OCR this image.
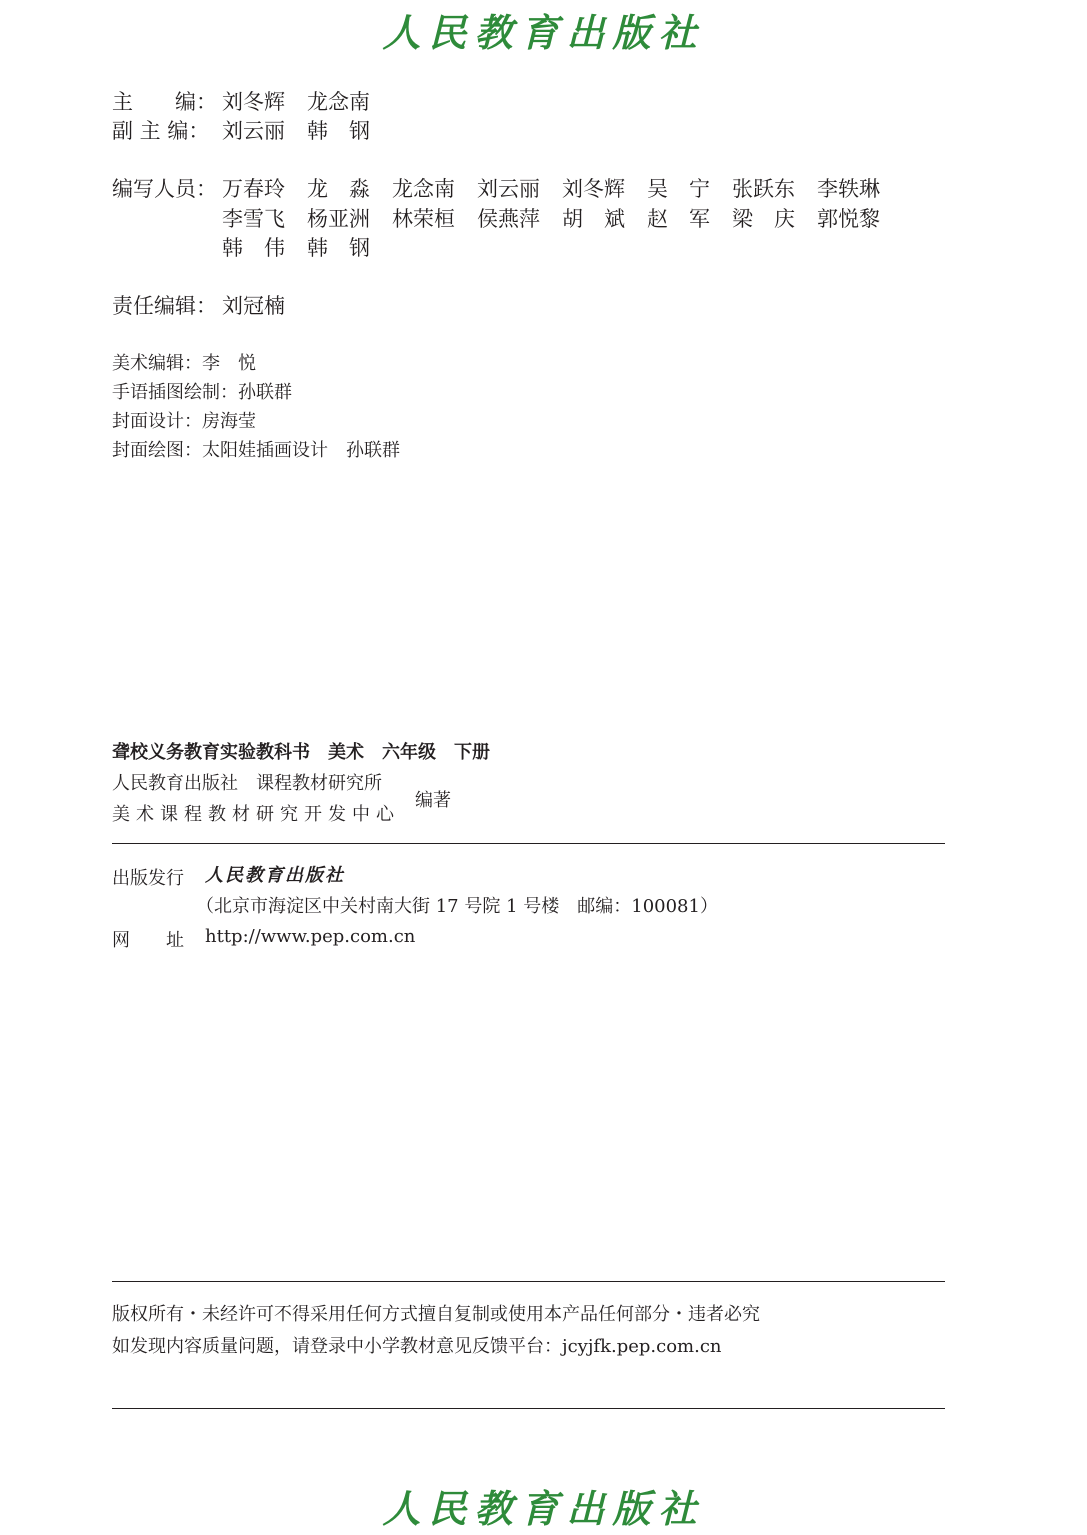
人民教育出版社
主　　编： 刘冬辉 龙念南
副 主 编： 刘云丽 韩　钢
编写人员： 万春玲 龙　淼 龙念南 刘云丽 刘冬辉 吴　宁 张跃东 李轶琳
李雪飞 杨亚洲 林荣桓 侯燕萍 胡　斌 赵　军 梁　庆 郭悦黎
韩　伟 韩　钢
责任编辑： 刘冠楠
美术编辑：李　悦
手语插图绘制：孙联群
封面设计：房海莹
封面绘图：太阳娃插画设计　孙联群
聋校义务教育实验教科书　美术　六年级　下册
人民教育出版社　课程教材研究所
美术课程教材研究开发中心
编著
出版发行 人民教育出版社
（北京市海淀区中关村南大街 17 号院 1 号楼　邮编：100081）
网　　址 http://www.pep.com.cn
版权所有・未经许可不得采用任何方式擅自复制或使用本产品任何部分・违者必究
如发现内容质量问题，请登录中小学教材意见反馈平台：jcyjfk.pep.com.cn
人民教育出版社
